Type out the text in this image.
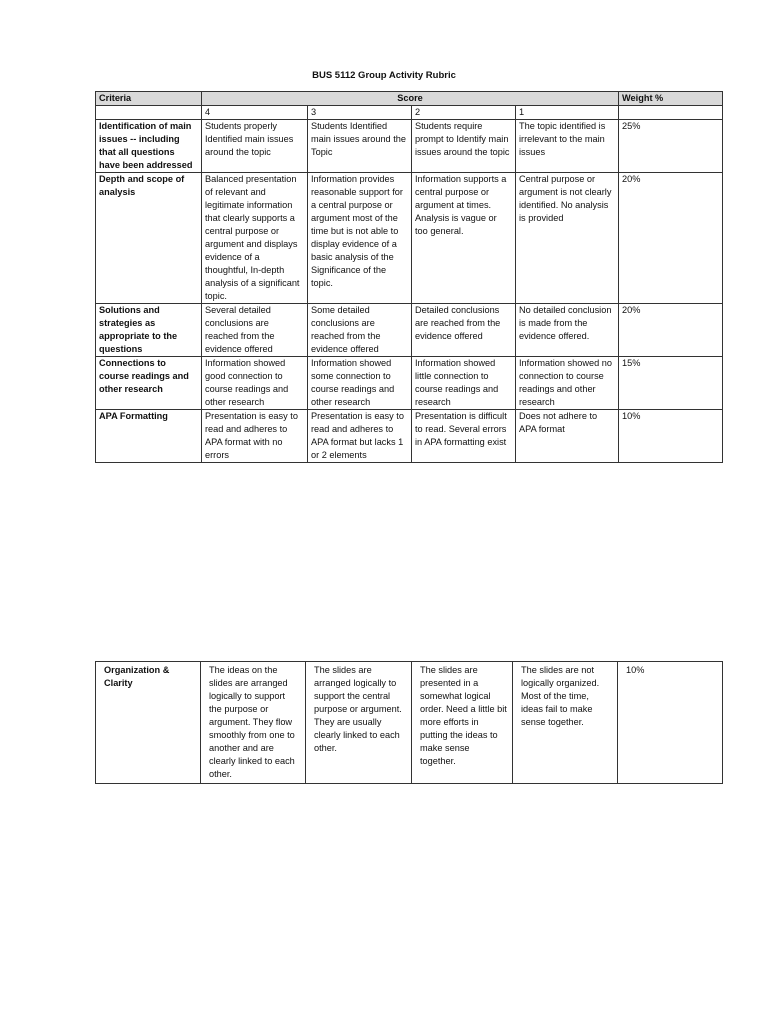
BUS 5112 Group Activity Rubric
Criteria	Score				Weight %
	4	3	2	1	
Identification of main issues -- including that all questions have been addressed	Students properly Identified main issues around the topic	Students Identified main issues around the Topic	Students require prompt to Identify main issues around the topic	The topic identified is irrelevant to the main issues	25%
Depth and scope of analysis	Balanced presentation of relevant and legitimate information that clearly supports a central purpose or argument and displays evidence of a thoughtful, In-depth analysis of a significant topic.	Information provides reasonable support for a central purpose or argument most of the time but is not able to display evidence of a basic analysis of the Significance of the topic.	Information supports a central purpose or argument at times. Analysis is vague or too general.	Central purpose or argument is not clearly identified. No analysis is provided	20%
Solutions and strategies as appropriate to the questions	Several detailed conclusions are reached from the evidence offered	Some detailed conclusions are reached from the evidence offered	Detailed conclusions are reached from the evidence offered	No detailed conclusion is made from the evidence offered.	20%
Connections to course readings and other research	Information showed good connection to course readings and other research	Information showed some connection to course readings and other research	Information showed little connection to course readings and research	Information showed no connection to course readings and other research	15%
APA Formatting	Presentation is easy to read and adheres to APA format with no errors	Presentation is easy to read and adheres to APA format but lacks 1 or 2 elements	Presentation is difficult to read. Several errors in APA formatting exist	Does not adhere to APA format	10%
Organization & Clarity	The ideas on the slides are arranged logically to support the purpose or argument. They flow smoothly from one to another and are clearly linked to each other.	The slides are arranged logically to support the central purpose or argument. They are usually clearly linked to each other.	The slides are presented in a somewhat logical order. Need a little bit more efforts in putting the ideas to make sense together.	The slides are not logically organized. Most of the time, ideas fail to make sense together.	10%
